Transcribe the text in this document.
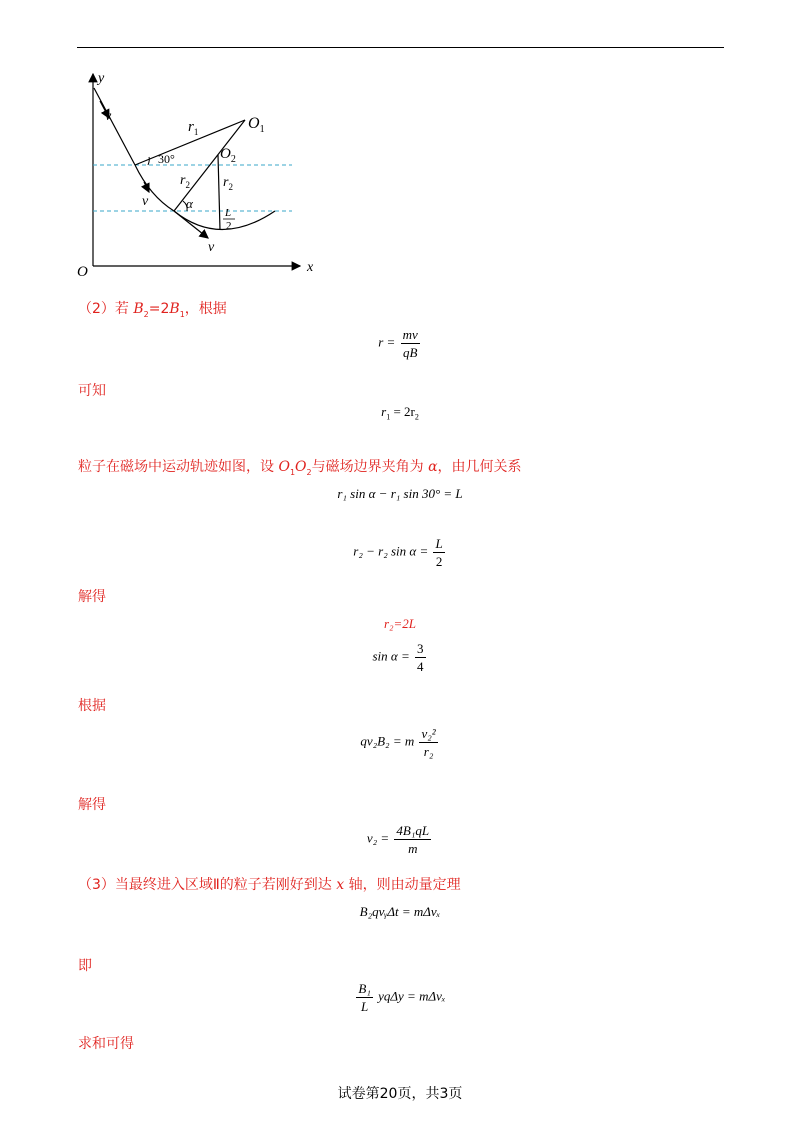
y
x
O
v
v
v
$r_1$	$O_1$
$O_2$
30°
$r_2$ $r_2$
α
L
2
（2）若 $B_2=2B_1$，根据
$r = \frac{mv}{qB}$
可知
$r_1 = 2r_2$
粒子在磁场中运动轨迹如图，设 $O_1O_2$与磁场边界夹角为 α，由几何关系
r₁ sin α − r₁ sin 30° = L
r₂ − r₂ $\sin \alpha = \frac{L}{2}$
解得
r₂=2L
$\sin \alpha = \frac{3}{4}$
根据
qv₂B₂ = m $\frac{\text{v₂²}}{\text{r₂}}$
解得
$v_2 = \frac{\text{4B₁qL}}{m}$
（3）当最终进入区域Ⅱ的粒子若刚好到达 x 轴，则由动量定理
B₂qvᵧΔt = mΔvₓ
即
$\frac{\text{B₁}}{L}$ yqΔy = mΔvₓ
求和可得
试卷第20页，共3页
